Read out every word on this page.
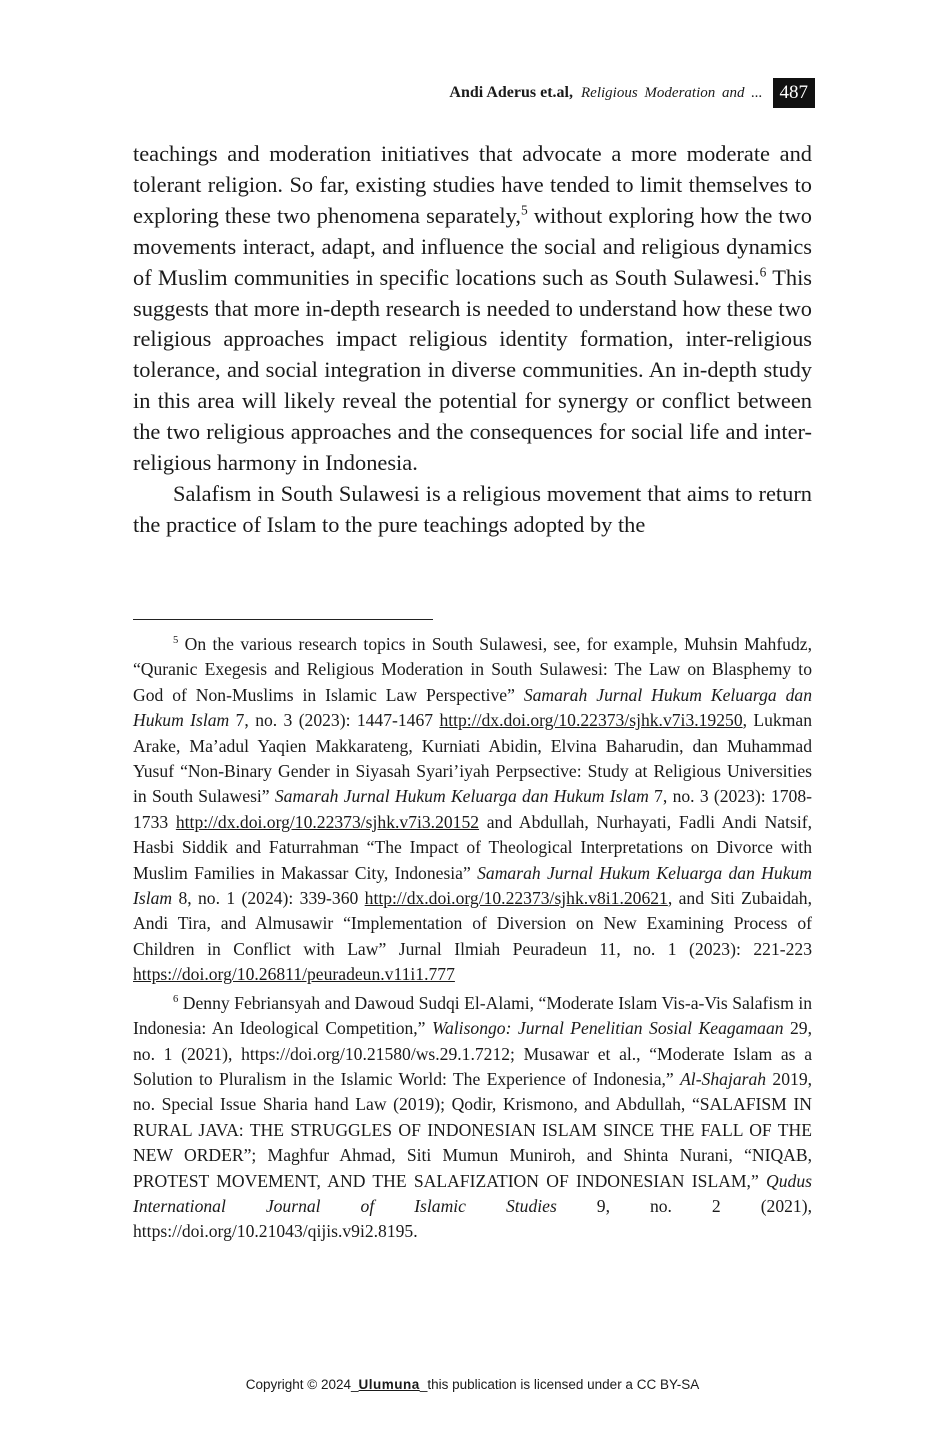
Andi Aderus et.al, Religious Moderation and ... 487

teachings and moderation initiatives that advocate a more moderate and tolerant religion. So far, existing studies have tended to limit themselves to exploring these two phenomena separately,$^5$ without exploring how the two movements interact, adapt, and influence the social and religious dynamics of Muslim communities in specific locations such as South Sulawesi.$^6$ This suggests that more in-depth research is needed to understand how these two religious approaches impact religious identity formation, inter-religious tolerance, and social integration in diverse communities. An in-depth study in this area will likely reveal the potential for synergy or conflict between the two religious approaches and the consequences for social life and inter-religious harmony in Indonesia.

Salafism in South Sulawesi is a religious movement that aims to return the practice of Islam to the pure teachings adopted by the

$^5$ On the various research topics in South Sulawesi, see, for example, Muhsin Mahfudz, “Quranic Exegesis and Religious Moderation in South Sulawesi: The Law on Blasphemy to God of Non-Muslims in Islamic Law Perspective” Samarah Jurnal Hukum Keluarga dan Hukum Islam 7, no. 3 (2023): 1447-1467 http://dx.doi.org/10.22373/sjhk.v7i3.19250, Lukman Arake, Ma’adul Yaqien Makkarateng, Kurniati Abidin, Elvina Baharudin, dan Muhammad Yusuf “Non-Binary Gender in Siyasah Syari’iyah Perpsective: Study at Religious Universities in South Sulawesi” Samarah Jurnal Hukum Keluarga dan Hukum Islam 7, no. 3 (2023): 1708-1733 http://dx.doi.org/10.22373/sjhk.v7i3.20152 and Abdullah, Nurhayati, Fadli Andi Natsif, Hasbi Siddik and Faturrahman “The Impact of Theological Interpretations on Divorce with Muslim Families in Makassar City, Indonesia” Samarah Jurnal Hukum Keluarga dan Hukum Islam 8, no. 1 (2024): 339-360 http://dx.doi.org/10.22373/sjhk.v8i1.20621, and Siti Zubaidah, Andi Tira, and Almusawir “Implementation of Diversion on New Examining Process of Children in Conflict with Law” Jurnal Ilmiah Peuradeun 11, no. 1 (2023): 221-223 https://doi.org/10.26811/peuradeun.v11i1.777

$^6$ Denny Febriansyah and Dawoud Sudqi El-Alami, “Moderate Islam Vis-a-Vis Salafism in Indonesia: An Ideological Competition,” Walisongo: Jurnal Penelitian Sosial Keagamaan 29, no. 1 (2021), https://doi.org/10.21580/ws.29.1.7212; Musawar et al., “Moderate Islam as a Solution to Pluralism in the Islamic World: The Experience of Indonesia,” Al-Shajarah 2019, no. Special Issue Sharia hand Law (2019); Qodir, Krismono, and Abdullah, “SALAFISM IN RURAL JAVA: THE STRUGGLES OF INDONESIAN ISLAM SINCE THE FALL OF THE NEW ORDER”; Maghfur Ahmad, Siti Mumun Muniroh, and Shinta Nurani, “NIQAB, PROTEST MOVEMENT, AND THE SALAFIZATION OF INDONESIAN ISLAM,” Qudus International Journal of Islamic Studies 9, no. 2 (2021), https://doi.org/10.21043/qijis.v9i2.8195.

Copyright © 2024_Ulumuna_this publication is licensed under a CC BY-SA
